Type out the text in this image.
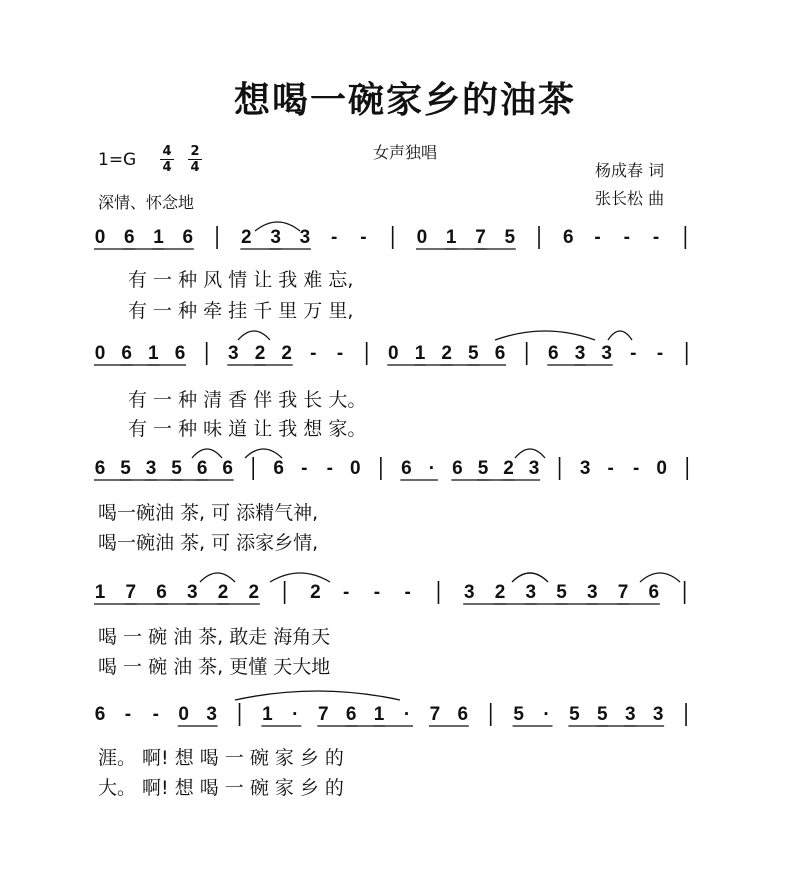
想喝一碗家乡的油茶
女声独唱
1=G 4
4
2
4
深情、怀念地
杨成春 词
张长松 曲
0 6 1 6	2 3 3 - -	0 1 7 5	6 - - -
0 6 1 6 3 2 2 - - 0 1 2 5 6 6 3 3 - -
6 5 3 5 6 6 6 - - 0 6 · 6 5 2 3 3 - - 0
1 7 6 3 2 2	2 - - -	3 2 3 5 3 7 6
6 - - 0 3 1 · 7 6 1 · 7 6 5 · 5 5 3 3
有 一 种 风 情 让 我 难 忘,
有 一 种 牵 挂 千 里 万 里,
有 一 种 清 香 伴 我 长 大。
有 一 种 味 道 让 我 想 家。
喝一碗油 茶, 可 添精气神,
喝一碗油 茶, 可 添家乡情,
喝 一 碗 油 茶, 敢走 海角天
喝 一 碗 油 茶, 更懂 天大地
涯。 啊! 想 喝 一 碗 家 乡 的
大。 啊! 想 喝 一 碗 家 乡 的
